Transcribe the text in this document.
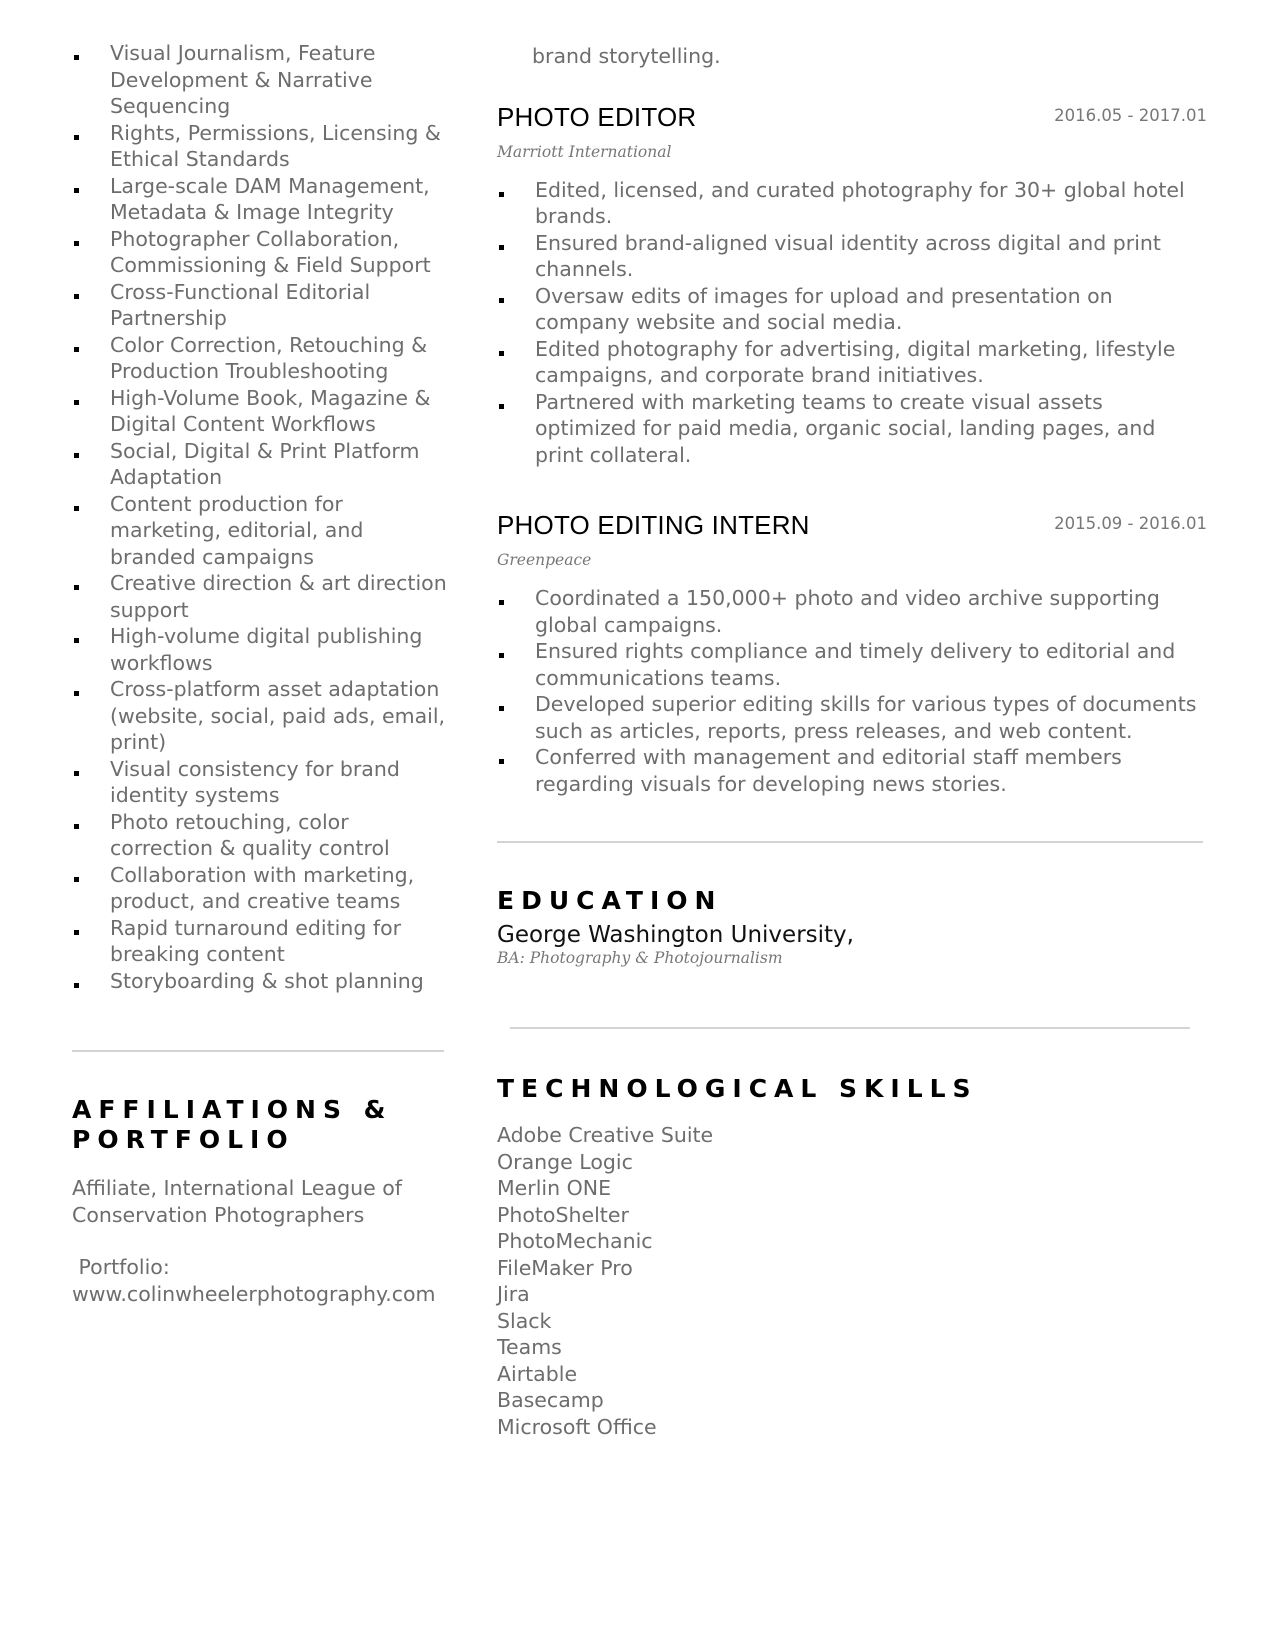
Visual Journalism, Feature Development & Narrative Sequencing
Rights, Permissions, Licensing & Ethical Standards
Large-scale DAM Management, Metadata & Image Integrity
Photographer Collaboration, Commissioning & Field Support
Cross-Functional Editorial Partnership
Color Correction, Retouching & Production Troubleshooting
High-Volume Book, Magazine & Digital Content Workflows
Social, Digital & Print Platform Adaptation
Content production for marketing, editorial, and branded campaigns
Creative direction & art direction support
High-volume digital publishing workflows
Cross-platform asset adaptation (website, social, paid ads, email, print)
Visual consistency for brand identity systems
Photo retouching, color correction & quality control
Collaboration with marketing, product, and creative teams
Rapid turnaround editing for breaking content
Storyboarding & shot planning
AFFILIATIONS & PORTFOLIO
Affiliate, International League of Conservation Photographers
Portfolio:
www.colinwheelerphotography.com
brand storytelling.
PHOTO EDITOR	2016.05 - 2017.01
Marriott International
Edited, licensed, and curated photography for 30+ global hotel brands.
Ensured brand-aligned visual identity across digital and print channels.
Oversaw edits of images for upload and presentation on company website and social media.
Edited photography for advertising, digital marketing, lifestyle campaigns, and corporate brand initiatives.
Partnered with marketing teams to create visual assets optimized for paid media, organic social, landing pages, and print collateral.
PHOTO EDITING INTERN	2015.09 - 2016.01
Greenpeace
Coordinated a 150,000+ photo and video archive supporting global campaigns.
Ensured rights compliance and timely delivery to editorial and communications teams.
Developed superior editing skills for various types of documents such as articles, reports, press releases, and web content.
Conferred with management and editorial staff members regarding visuals for developing news stories.
EDUCATION
George Washington University,
BA: Photography & Photojournalism
TECHNOLOGICAL SKILLS
Adobe Creative Suite
Orange Logic
Merlin ONE
PhotoShelter
PhotoMechanic
FileMaker Pro
Jira
Slack
Teams
Airtable
Basecamp
Microsoft Office
